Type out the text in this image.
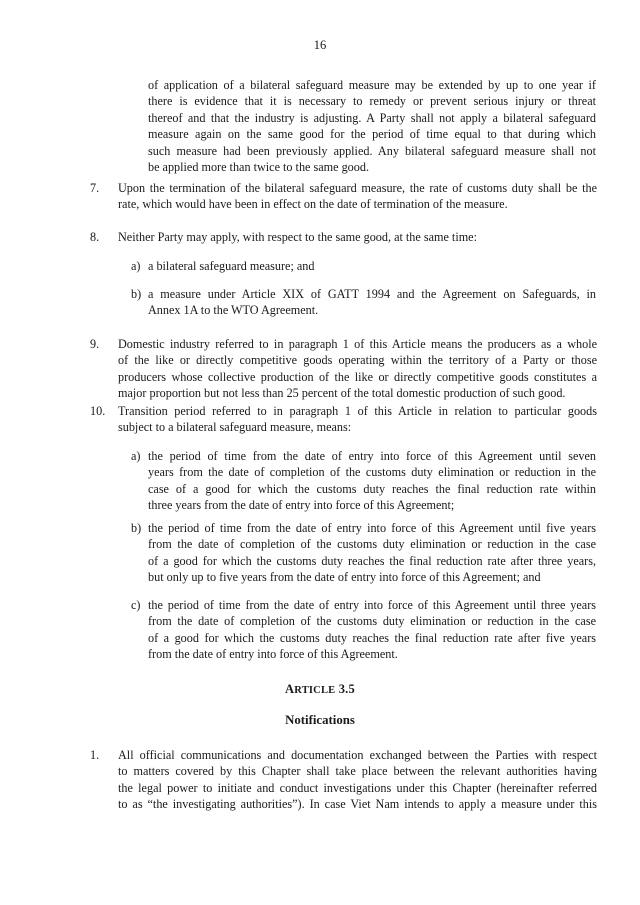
16
of application of a bilateral safeguard measure may be extended by up to one year if
there is evidence that it is necessary to remedy or prevent serious injury or threat
thereof and that the industry is adjusting. A Party shall not apply a bilateral safeguard
measure again on the same good for the period of time equal to that during which
such measure had been previously applied. Any bilateral safeguard measure shall not
be applied more than twice to the same good.
7. Upon the termination of the bilateral safeguard measure, the rate of customs duty shall be the
rate, which would have been in effect on the date of termination of the measure.
8. Neither Party may apply, with respect to the same good, at the same time:
a) a bilateral safeguard measure; and
b) a measure under Article XIX of GATT 1994 and the Agreement on Safeguards, in
Annex 1A to the WTO Agreement.
9. Domestic industry referred to in paragraph 1 of this Article means the producers as a whole
of the like or directly competitive goods operating within the territory of a Party or those
producers whose collective production of the like or directly competitive goods constitutes a
major proportion but not less than 25 percent of the total domestic production of such good.
10. Transition period referred to in paragraph 1 of this Article in relation to particular goods
subject to a bilateral safeguard measure, means:
a) the period of time from the date of entry into force of this Agreement until seven
years from the date of completion of the customs duty elimination or reduction in the
case of a good for which the customs duty reaches the final reduction rate within
three years from the date of entry into force of this Agreement;
b) the period of time from the date of entry into force of this Agreement until five years
from the date of completion of the customs duty elimination or reduction in the case
of a good for which the customs duty reaches the final reduction rate after three years,
but only up to five years from the date of entry into force of this Agreement; and
c) the period of time from the date of entry into force of this Agreement until three years
from the date of completion of the customs duty elimination or reduction in the case
of a good for which the customs duty reaches the final reduction rate after five years
from the date of entry into force of this Agreement.
ARTICLE 3.5
Notifications
1. All official communications and documentation exchanged between the Parties with respect
to matters covered by this Chapter shall take place between the relevant authorities having
the legal power to initiate and conduct investigations under this Chapter (hereinafter referred
to as “the investigating authorities”). In case Viet Nam intends to apply a measure under this
